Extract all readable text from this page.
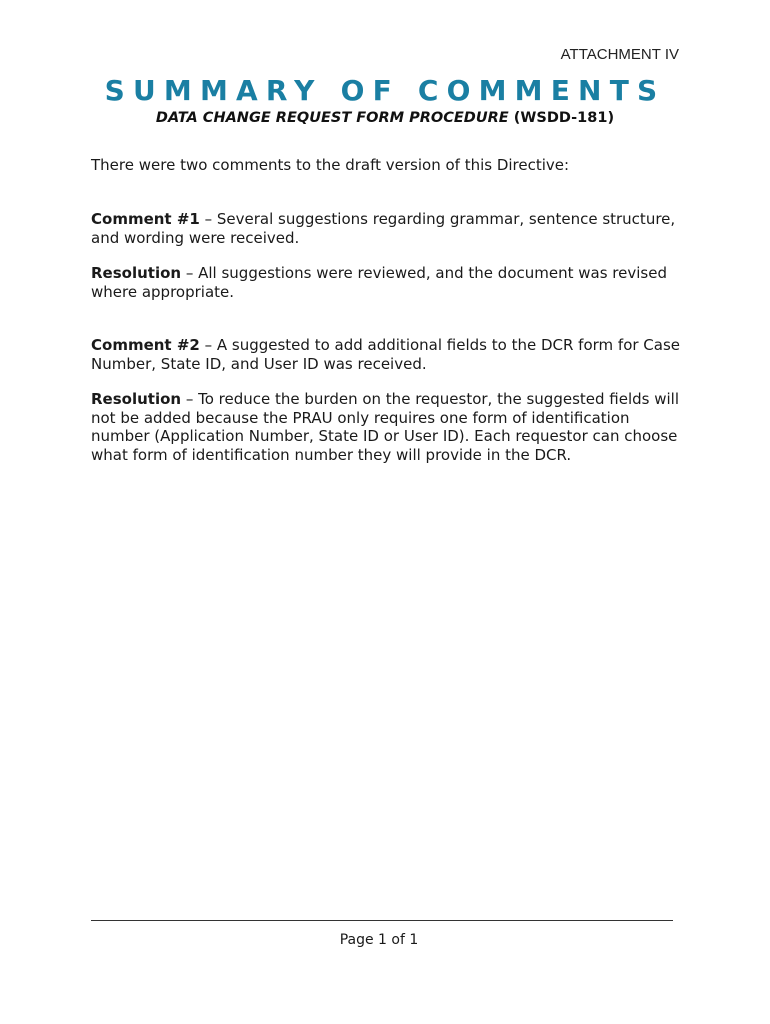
ATTACHMENT IV
SUMMARY OF COMMENTS
DATA CHANGE REQUEST FORM PROCEDURE (WSDD-181)

There were two comments to the draft version of this Directive:

Comment #1 – Several suggestions regarding grammar, sentence structure, and wording were received.

Resolution – All suggestions were reviewed, and the document was revised where appropriate.

Comment #2 – A suggested to add additional fields to the DCR form for Case Number, State ID, and User ID was received.

Resolution – To reduce the burden on the requestor, the suggested fields will not be added because the PRAU only requires one form of identification number (Application Number, State ID or User ID). Each requestor can choose what form of identification number they will provide in the DCR.

Page 1 of 1
